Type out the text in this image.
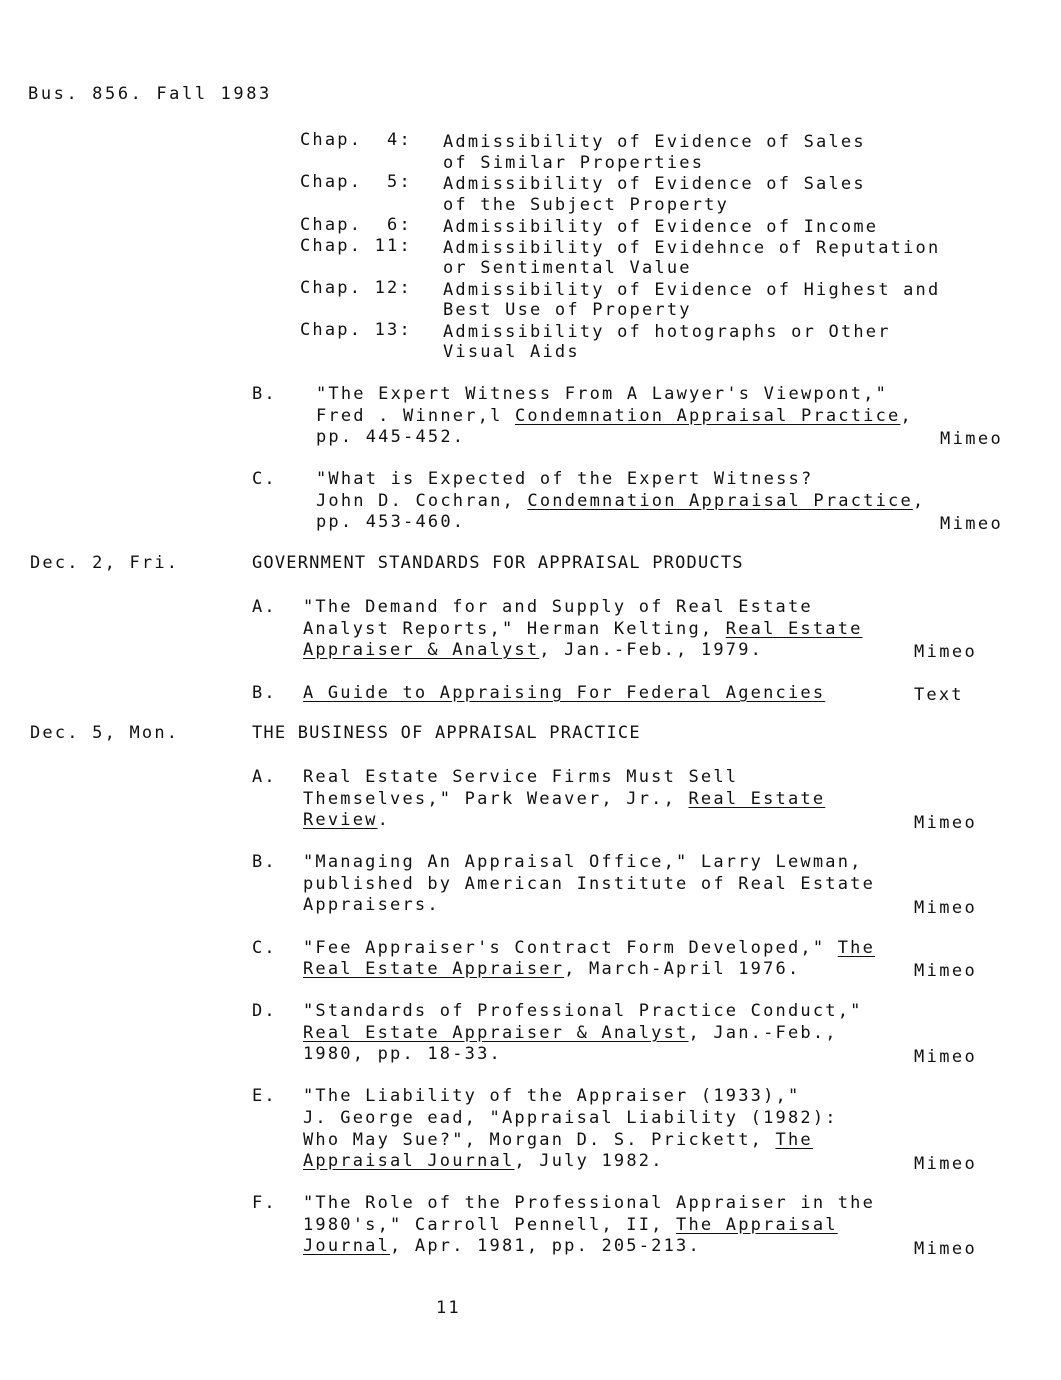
Bus. 856. Fall 1983
Chap.  4: Admissibility of Evidence of Sales
of Similar Properties
Chap.  5: Admissibility of Evidence of Sales
of the Subject Property
Chap.  6: Admissibility of Evidence of Income
Chap. 11: Admissibility of Evidehnce of Reputation
or Sentimental Value
Chap. 12: Admissibility of Evidence of Highest and
Best Use of Property
Chap. 13: Admissibility of hotographs or Other
Visual Aids
B. "The Expert Witness From A Lawyer's Viewpont,"
Fred . Winner,l Condemnation Appraisal Practice,
pp. 445-452.	Mimeo
C. "What is Expected of the Expert Witness?
John D. Cochran, Condemnation Appraisal Practice,
pp. 453-460.	Mimeo
Dec. 2, Fri.	GOVERNMENT STANDARDS FOR APPRAISAL PRODUCTS
A. "The Demand for and Supply of Real Estate
Analyst Reports," Herman Kelting, Real Estate
Appraiser & Analyst, Jan.-Feb., 1979.	Mimeo
B. A Guide to Appraising For Federal Agencies	Text
Dec. 5, Mon.	THE BUSINESS OF APPRAISAL PRACTICE
A. Real Estate Service Firms Must Sell
Themselves," Park Weaver, Jr., Real Estate
Review.	Mimeo
B. "Managing An Appraisal Office," Larry Lewman,
published by American Institute of Real Estate
Appraisers.	Mimeo
C. "Fee Appraiser's Contract Form Developed," The
Real Estate Appraiser, March-April 1976.	Mimeo
D. "Standards of Professional Practice Conduct,"
Real Estate Appraiser & Analyst, Jan.-Feb.,
1980, pp. 18-33.	Mimeo
E. "The Liability of the Appraiser (1933),"
J. George ead, "Appraisal Liability (1982):
Who May Sue?", Morgan D. S. Prickett, The
Appraisal Journal, July 1982.	Mimeo
F. "The Role of the Professional Appraiser in the
1980's," Carroll Pennell, II, The Appraisal
Journal, Apr. 1981, pp. 205-213.	Mimeo
11
